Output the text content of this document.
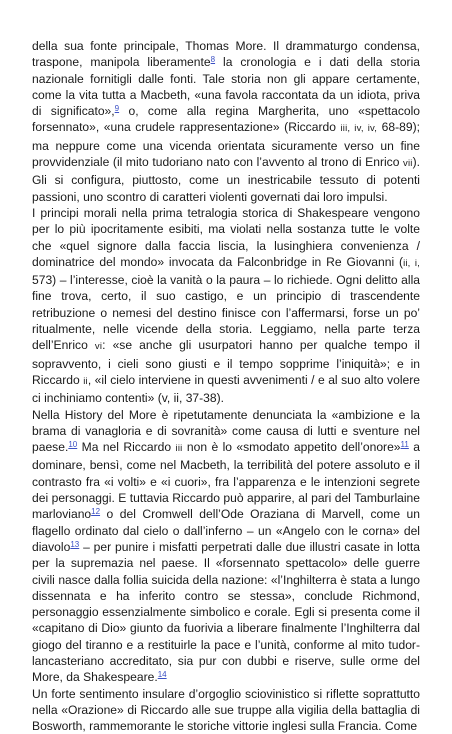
della sua fonte principale, Thomas More. Il drammaturgo condensa, traspone, manipola liberamente$^8$ la cronologia e i dati della storia nazionale fornitigli dalle fonti. Tale storia non gli appare certamente, come la vita tutta a Macbeth, «una favola raccontata da un idiota, priva di significato»,$^9$ o, come alla regina Margherita, uno «spettacolo forsennato», «una crudele rappresentazione» (Riccardo iii, iv, iv, 68-89); ma neppure come una vicenda orientata sicuramente verso un fine provvidenziale (il mito tudoriano nato con l’avvento al trono di Enrico vii). Gli si configura, piuttosto, come un inestricabile tessuto di potenti passioni, uno scontro di caratteri violenti governati dai loro impulsi.

I principi morali nella prima tetralogia storica di Shakespeare vengono per lo più ipocritamente esibiti, ma violati nella sostanza tutte le volte che «quel signore dalla faccia liscia, la lusinghiera convenienza / dominatrice del mondo» invocata da Falconbridge in Re Giovanni (ii, i, 573) – l’interesse, cioè la vanità o la paura – lo richiede. Ogni delitto alla fine trova, certo, il suo castigo, e un principio di trascendente retribuzione o nemesi del destino finisce con l’affermarsi, forse un po’ ritualmente, nelle vicende della storia. Leggiamo, nella parte terza dell’Enrico vi: «se anche gli usurpatori hanno per qualche tempo il sopravvento, i cieli sono giusti e il tempo sopprime l’iniquità»; e in Riccardo ii, «il cielo interviene in questi avvenimenti / e al suo alto volere ci inchiniamo contenti» (v, ii, 37-38).

Nella History del More è ripetutamente denunciata la «ambizione e la brama di vanagloria e di sovranità» come causa di lutti e sventure nel paese.$^{10}$ Ma nel Riccardo iii non è lo «smodato appetito dell’onore»$^{11}$ a dominare, bensì, come nel Macbeth, la terribilità del potere assoluto e il contrasto fra «i volti» e «i cuori», fra l’apparenza e le intenzioni segrete dei personaggi. E tuttavia Riccardo può apparire, al pari del Tamburlaine marloviano$^{12}$ o del Cromwell dell’Ode Oraziana di Marvell, come un flagello ordinato dal cielo o dall’inferno – un «Angelo con le corna» del diavolo$^{13}$ – per punire i misfatti perpetrati dalle due illustri casate in lotta per la supremazia nel paese. Il «forsennato spettacolo» delle guerre civili nasce dalla follia suicida della nazione: «l’Inghilterra è stata a lungo dissennata e ha inferito contro se stessa», conclude Richmond, personaggio essenzialmente simbolico e corale. Egli si presenta come il «capitano di Dio» giunto da fuorivia a liberare finalmente l’Inghilterra dal giogo del tiranno e a restituirle la pace e l’unità, conforme al mito tudor-lancasteriano accreditato, sia pur con dubbi e riserve, sulle orme del More, da Shakespeare.$^{14}$

Un forte sentimento insulare d’orgoglio sciovinistico si riflette soprattutto nella «Orazione» di Riccardo alle sue truppe alla vigilia della battaglia di Bosworth, rammemorante le storiche vittorie inglesi sulla Francia. Come
